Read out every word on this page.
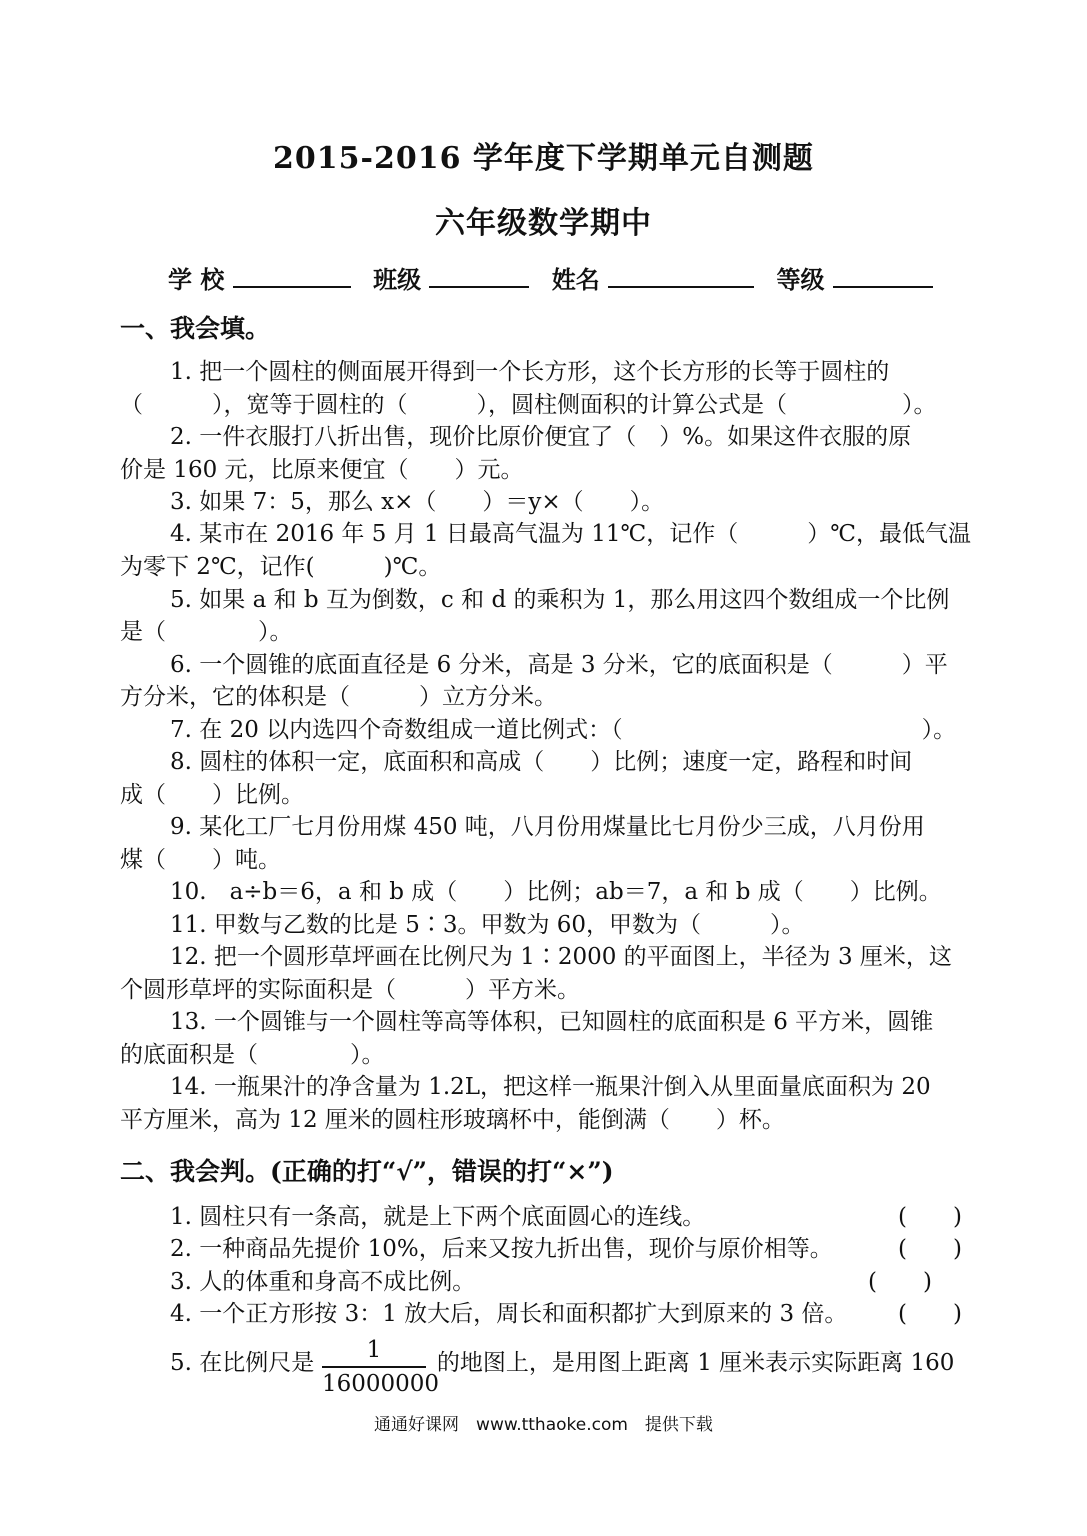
2015-2016 学年度下学期单元自测题
六年级数学期中
学 校	班级	姓名	等级
一、我会填。
1. 把一个圆柱的侧面展开得到一个长方形，这个长方形的长等于圆柱的
（　　　），宽等于圆柱的（　　　），圆柱侧面积的计算公式是（　　　　　）。
2. 一件衣服打八折出售，现价比原价便宜了（　）%。如果这件衣服的原
价是 160 元，比原来便宜（　　）元。
3. 如果 7：5，那么 x×（　　）＝y×（　　）。
4. 某市在 2016 年 5 月 1 日最高气温为 11℃，记作（　　　）℃，最低气温
为零下 2℃，记作(　　　)℃。
5. 如果 a 和 b 互为倒数，c 和 d 的乘积为 1，那么用这四个数组成一个比例
是（　　　　）。
6. 一个圆锥的底面直径是 6 分米，高是 3 分米，它的底面积是（　　　）平
方分米，它的体积是（　　　）立方分米。
7. 在 20 以内选四个奇数组成一道比例式：（　　　　　　　　　　　　　）。
8. 圆柱的体积一定，底面积和高成（　　）比例；速度一定，路程和时间
成（　　）比例。
9. 某化工厂七月份用煤 450 吨，八月份用煤量比七月份少三成，八月份用
煤（　　）吨。
10.　a÷b＝6，a 和 b 成（　　）比例；ab＝7，a 和 b 成（　　）比例。
11. 甲数与乙数的比是 5∶3。甲数为 60，甲数为（　　　）。
12. 把一个圆形草坪画在比例尺为 1∶2000 的平面图上，半径为 3 厘米，这
个圆形草坪的实际面积是（　　　）平方米。
13. 一个圆锥与一个圆柱等高等体积，已知圆柱的底面积是 6 平方米，圆锥
的底面积是（　　　　）。
14. 一瓶果汁的净含量为 1.2L，把这样一瓶果汁倒入从里面量底面积为 20
平方厘米，高为 12 厘米的圆柱形玻璃杯中，能倒满（　　）杯。
二、我会判。(正确的打“√”，错误的打“×”)
1. 圆柱只有一条高，就是上下两个底面圆心的连线。	(　　)
2. 一种商品先提价 10%，后来又按九折出售，现价与原价相等。	(　　)
3. 人的体重和身高不成比例。	(　　)
4. 一个正方形按 3：1 放大后，周长和面积都扩大到原来的 3 倍。 (　　)
5. 在比例尺是	的地图上，是用图上距离 1 厘米表示实际距离 160
1
16000000
通通好课网　www.tthaoke.com　提供下载
